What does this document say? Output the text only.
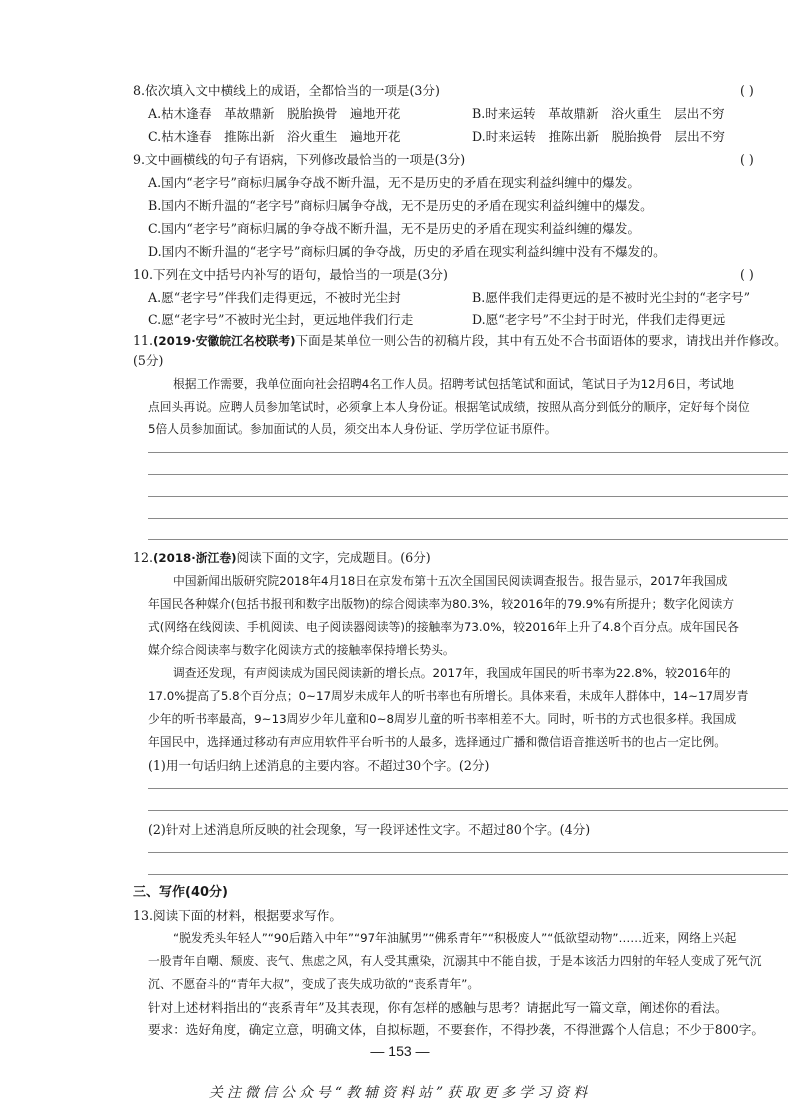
8.依次填入文中横线上的成语，全都恰当的一项是(3分)	( )
A.枯木逢春　革故鼎新　脱胎换骨　遍地开花	B.时来运转　革故鼎新　浴火重生　层出不穷
C.枯木逢春　推陈出新　浴火重生　遍地开花	D.时来运转　推陈出新　脱胎换骨　层出不穷
9.文中画横线的句子有语病，下列修改最恰当的一项是(3分)	( )
A.国内“老字号”商标归属争夺战不断升温，无不是历史的矛盾在现实利益纠缠中的爆发。
B.国内不断升温的“老字号”商标归属争夺战，无不是历史的矛盾在现实利益纠缠中的爆发。
C.国内“老字号”商标归属的争夺战不断升温，无不是历史的矛盾在现实利益纠缠的爆发。
D.国内不断升温的“老字号”商标归属的争夺战，历史的矛盾在现实利益纠缠中没有不爆发的。
10.下列在文中括号内补写的语句，最恰当的一项是(3分)	( )
A.愿“老字号”伴我们走得更远，不被时光尘封	B.愿伴我们走得更远的是不被时光尘封的“老字号”
C.愿“老字号”不被时光尘封，更远地伴我们行走	D.愿“老字号”不尘封于时光，伴我们走得更远
11.(2019·安徽皖江名校联考)下面是某单位一则公告的初稿片段，其中有五处不合书面语体的要求，请找出并作修改。
(5分)
根据工作需要，我单位面向社会招聘4名工作人员。招聘考试包括笔试和面试，笔试日子为12月6日，考试地
点回头再说。应聘人员参加笔试时，必须拿上本人身份证。根据笔试成绩，按照从高分到低分的顺序，定好每个岗位
5倍人员参加面试。参加面试的人员，须交出本人身份证、学历学位证书原件。
12.(2018·浙江卷)阅读下面的文字，完成题目。(6分)
中国新闻出版研究院2018年4月18日在京发布第十五次全国国民阅读调查报告。报告显示，2017年我国成
年国民各种媒介(包括书报刊和数字出版物)的综合阅读率为80.3%，较2016年的79.9%有所提升；数字化阅读方
式(网络在线阅读、手机阅读、电子阅读器阅读等)的接触率为73.0%，较2016年上升了4.8个百分点。成年国民各
媒介综合阅读率与数字化阅读方式的接触率保持增长势头。
调查还发现，有声阅读成为国民阅读新的增长点。2017年，我国成年国民的听书率为22.8%，较2016年的
17.0%提高了5.8个百分点；0~17周岁未成年人的听书率也有所增长。具体来看，未成年人群体中，14~17周岁青
少年的听书率最高，9~13周岁少年儿童和0~8周岁儿童的听书率相差不大。同时，听书的方式也很多样。我国成
年国民中，选择通过移动有声应用软件平台听书的人最多，选择通过广播和微信语音推送听书的也占一定比例。
(1)用一句话归纳上述消息的主要内容。不超过30个字。(2分)
(2)针对上述消息所反映的社会现象，写一段评述性文字。不超过80个字。(4分)
三、写作(40分)
13.阅读下面的材料，根据要求写作。
“脱发秃头年轻人”“90后踏入中年”“97年油腻男”“佛系青年”“积极废人”“低欲望动物”……近来，网络上兴起
一股青年自嘲、颓废、丧气、焦虑之风，有人受其熏染，沉溺其中不能自拔，于是本该活力四射的年轻人变成了死气沉
沉、不愿奋斗的“青年大叔”，变成了丧失成功欲的“丧系青年”。
针对上述材料指出的“丧系青年”及其表现，你有怎样的感触与思考？请据此写一篇文章，阐述你的看法。
要求：选好角度，确定立意，明确文体，自拟标题，不要套作，不得抄袭，不得泄露个人信息；不少于800字。
— 153 —
关注微信公众号“教辅资料站”获取更多学习资料
